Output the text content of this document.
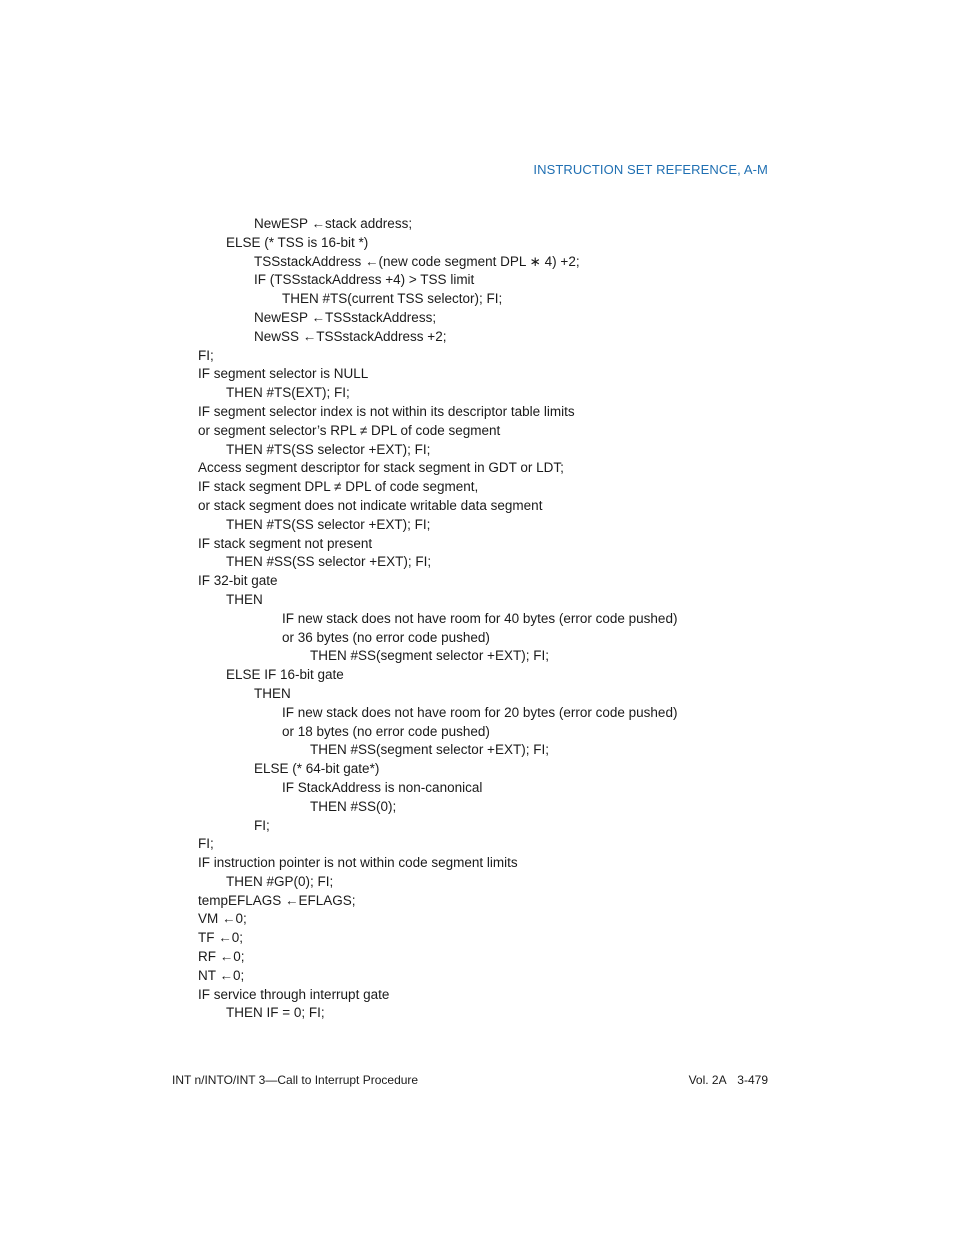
INSTRUCTION SET REFERENCE, A-M
NewESP ←stack address;
ELSE (* TSS is 16-bit *)
TSSstackAddress ←(new code segment DPL ∗ 4) +2;
IF (TSSstackAddress +4) > TSS limit
THEN #TS(current TSS selector); FI;
NewESP ←TSSstackAddress;
NewSS ←TSSstackAddress +2;
FI;
IF segment selector is NULL
THEN #TS(EXT); FI;
IF segment selector index is not within its descriptor table limits
or segment selector’s RPL ≠ DPL of code segment
THEN #TS(SS selector +EXT); FI;
Access segment descriptor for stack segment in GDT or LDT;
IF stack segment DPL ≠ DPL of code segment,
or stack segment does not indicate writable data segment
THEN #TS(SS selector +EXT); FI;
IF stack segment not present
THEN #SS(SS selector +EXT); FI;
IF 32-bit gate
THEN
IF new stack does not have room for 40 bytes (error code pushed)
or 36 bytes (no error code pushed)
THEN #SS(segment selector +EXT); FI;
ELSE IF 16-bit gate
THEN
IF new stack does not have room for 20 bytes (error code pushed)
or 18 bytes (no error code pushed)
THEN #SS(segment selector +EXT); FI;
ELSE (* 64-bit gate*)
IF StackAddress is non-canonical
THEN #SS(0);
FI;
FI;
IF instruction pointer is not within code segment limits
THEN #GP(0); FI;
tempEFLAGS ←EFLAGS;
VM ←0;
TF ←0;
RF ←0;
NT ←0;
IF service through interrupt gate
THEN IF = 0; FI;
INT n/INTO/INT 3—Call to Interrupt Procedure	Vol. 2A 3-479
